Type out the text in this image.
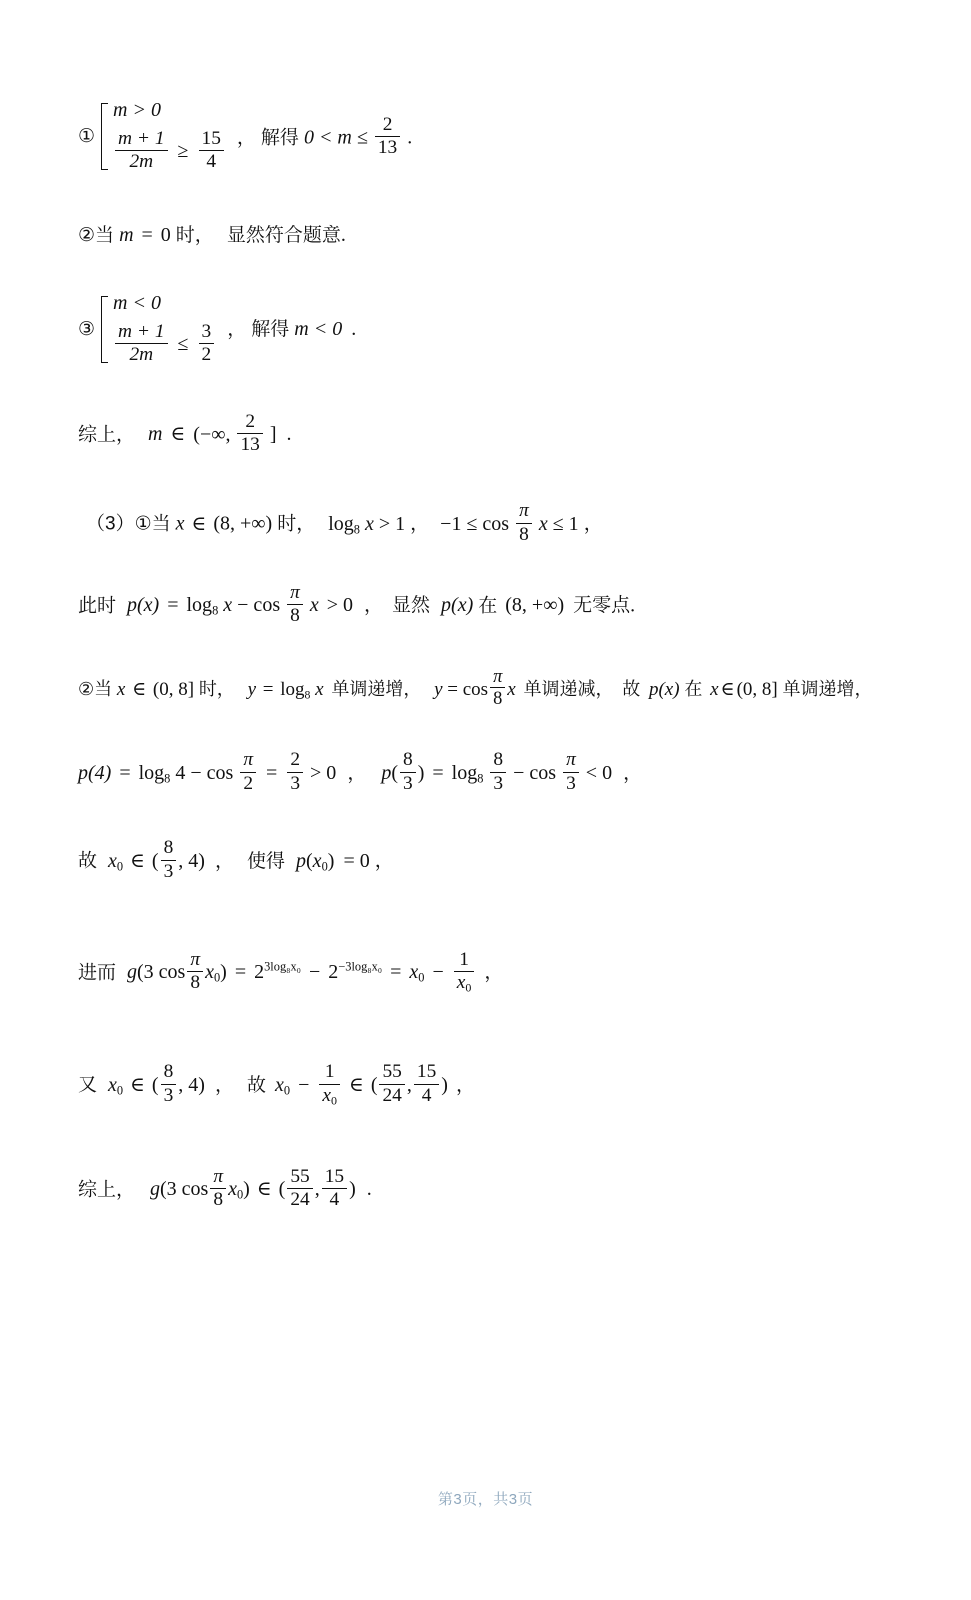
①
m > 0
$\frac{m + 1}{2m} \ge \frac{15}{4}$ ， 解得 $0 < m \le \frac{2}{13}$ .
②当 m = 0 时， 显然符合题意.
③
m < 0
$\frac{m + 1}{2m} \le \frac{3}{2}$ ， 解得 m < 0 .
综上， m ∈ (−∞, $\frac{2}{13}$ ] .
（3）①当 x ∈ (8, +∞) 时， $\log_8 x > 1$ ， $-1 \le \cos \frac{\pi}{8}$ x ≤ 1 ，
此时 $p(x) = \log_8 x - \cos \frac{\pi}{8}$ x > 0 ， 显然 p(x) 在 (8, +∞) 无零点.
②当 x ∈ (0, 8] 时， $y = \log_8 x$ 单调递增， $y = \cos \frac{\pi}{8}$ x 单调递减， 故 p(x) 在 x ∈ (0, 8] 单调递增，
$p(4) = \log_8 4 - \cos \frac{\pi}{2} = \frac{2}{3} > 0$ ， $p( \frac{8}{3}$ ) = $\log_8 \frac{8}{3} - \cos \frac{\pi}{3} < 0$ ，
故 $x_0$ ∈ ( $\frac{8}{3}$ , 4) ， 使得 $p(x_0) = 0$ ，
进而 g(3 $\cos \frac{\pi}{8} x_0) = 2^{3log_8x_0} - 2^{-3log_8x_0} = x_0 - \frac{1}{x_0}$ ，
又 $x_0$ ∈ ( $\frac{8}{3}$ , 4) ， 故 $x_0 - \frac{1}{x_0}$ ∈ ( $\frac{55}{24}$ , $\frac{15}{4}$ ) ，
综上， g(3 $\cos \frac{\pi}{8} x_0$) ∈ ( $\frac{55}{24}$ , $\frac{15}{4}$ ) .
第3页，共3页
